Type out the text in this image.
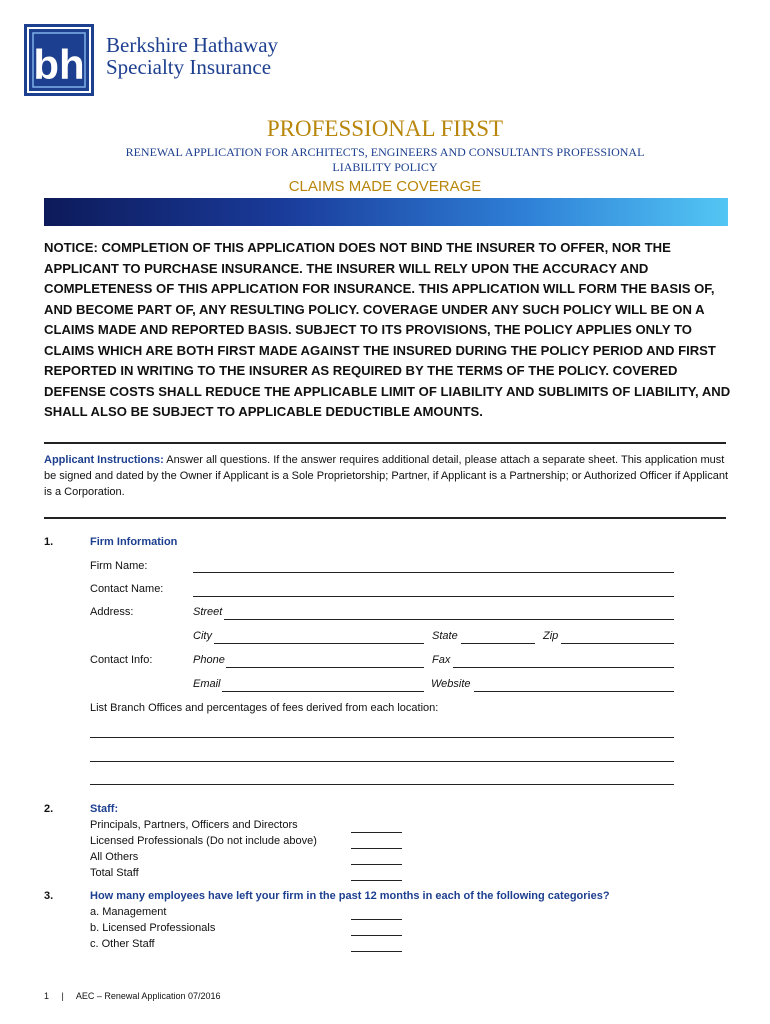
bh Berkshire Hathaway
Specialty Insurance
PROFESSIONAL FIRST
RENEWAL APPLICATION FOR ARCHITECTS, ENGINEERS AND CONSULTANTS PROFESSIONAL LIABILITY POLICY
CLAIMS MADE COVERAGE
NOTICE: COMPLETION OF THIS APPLICATION DOES NOT BIND THE INSURER TO OFFER, NOR THE APPLICANT TO PURCHASE INSURANCE. THE INSURER WILL RELY UPON THE ACCURACY AND COMPLETENESS OF THIS APPLICATION FOR INSURANCE. THIS APPLICATION WILL FORM THE BASIS OF, AND BECOME PART OF, ANY RESULTING POLICY. COVERAGE UNDER ANY SUCH POLICY WILL BE ON A CLAIMS MADE AND REPORTED BASIS. SUBJECT TO ITS PROVISIONS, THE POLICY APPLIES ONLY TO CLAIMS WHICH ARE BOTH FIRST MADE AGAINST THE INSURED DURING THE POLICY PERIOD AND FIRST REPORTED IN WRITING TO THE INSURER AS REQUIRED BY THE TERMS OF THE POLICY. COVERED DEFENSE COSTS SHALL REDUCE THE APPLICABLE LIMIT OF LIABILITY AND SUBLIMITS OF LIABILITY, AND SHALL ALSO BE SUBJECT TO APPLICABLE DEDUCTIBLE AMOUNTS.
Applicant Instructions: Answer all questions. If the answer requires additional detail, please attach a separate sheet. This application must be signed and dated by the Owner if Applicant is a Sole Proprietorship; Partner, if Applicant is a Partnership; or Authorized Officer if Applicant is a Corporation.
1.	Firm Information
Firm Name:
Contact Name:
Address:	Street
City	State	Zip
Contact Info:	Phone	Fax
Email	Website
List Branch Offices and percentages of fees derived from each location:
2.	Staff:
Principals, Partners, Officers and Directors
Licensed Professionals (Do not include above)
All Others
Total Staff
3.	How many employees have left your firm in the past 12 months in each of the following categories?
a. Management
b. Licensed Professionals
c. Other Staff
1 | AEC – Renewal Application 07/2016
